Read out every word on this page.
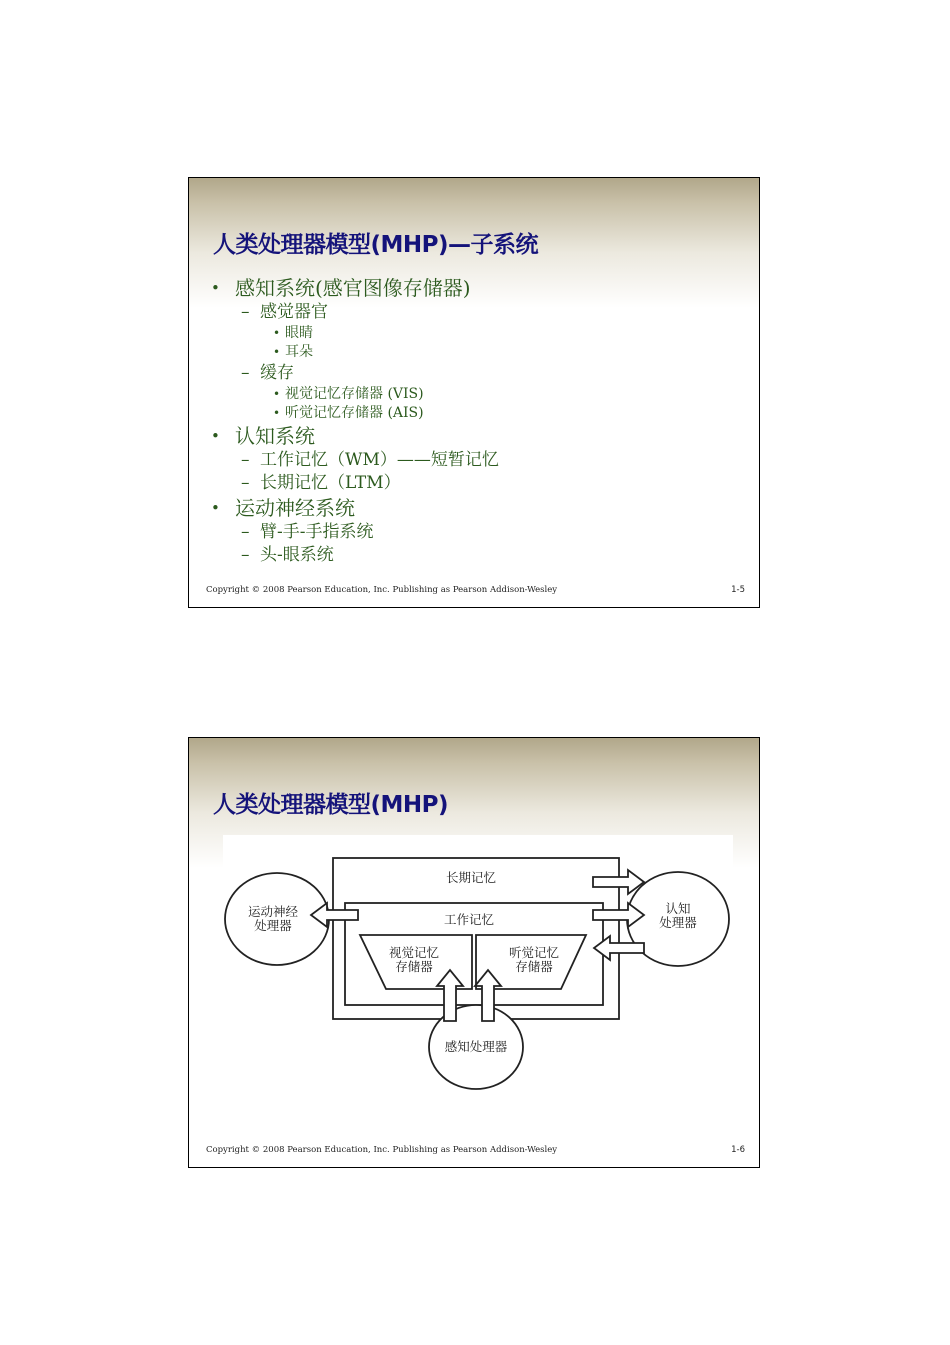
人类处理器模型(MHP)—子系统
• 感知系统(感官图像存储器)
– 感觉器官
• 眼睛
• 耳朵
– 缓存
• 视觉记忆存储器 (VIS)
• 听觉记忆存储器 (AIS)
• 认知系统
– 工作记忆（WM）——短暂记忆
– 长期记忆（LTM）
• 运动神经系统
– 臂-手-手指系统
– 头-眼系统
Copyright © 2008 Pearson Education, Inc. Publishing as Pearson Addison-Wesley	1-5
人类处理器模型(MHP)
长期记忆
工作记忆
视觉记忆
存储器
听觉记忆
存储器
运动神经
处理器
认知
处理器
感知处理器
Copyright © 2008 Pearson Education, Inc. Publishing as Pearson Addison-Wesley	1-6
